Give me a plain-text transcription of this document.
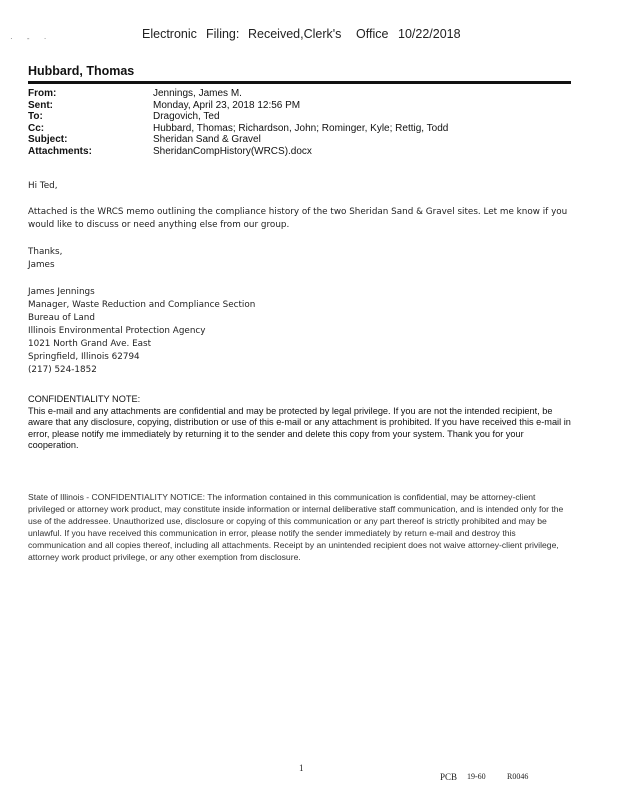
· - ·	Electronic Filing: Received,Clerk's Office 10/22/2018
Hubbard, Thomas
From:	Jennings, James M.
Sent:	Monday, April 23, 2018 12:56 PM
To:	Dragovich, Ted
Cc:	Hubbard, Thomas; Richardson, John; Rominger, Kyle; Rettig, Todd
Subject:	Sheridan Sand & Gravel
Attachments:	SheridanCompHistory(WRCS).docx
Hi Ted,
Attached is the WRCS memo outlining the compliance history of the two Sheridan Sand & Gravel sites. Let me know if you would like to discuss or need anything else from our group.
Thanks,
James
James Jennings
Manager, Waste Reduction and Compliance Section
Bureau of Land
Illinois Environmental Protection Agency
1021 North Grand Ave. East
Springfield, Illinois 62794
(217) 524-1852
CONFIDENTIALITY NOTE:
This e-mail and any attachments are confidential and may be protected by legal privilege. If you are not the intended recipient, be aware that any disclosure, copying, distribution or use of this e-mail or any attachment is prohibited. If you have received this e-mail in error, please notify me immediately by returning it to the sender and delete this copy from your system. Thank you for your cooperation.
State of Illinois - CONFIDENTIALITY NOTICE: The information contained in this communication is confidential, may be attorney-client privileged or attorney work product, may constitute inside information or internal deliberative staff communication, and is intended only for the use of the addressee. Unauthorized use, disclosure or copying of this communication or any part thereof is strictly prohibited and may be unlawful. If you have received this communication in error, please notify the sender immediately by return e-mail and destroy this communication and all copies thereof, including all attachments. Receipt by an unintended recipient does not waive attorney-client privilege, attorney work product privilege, or any other exemption from disclosure.
1
PCB 19-60	R0046
